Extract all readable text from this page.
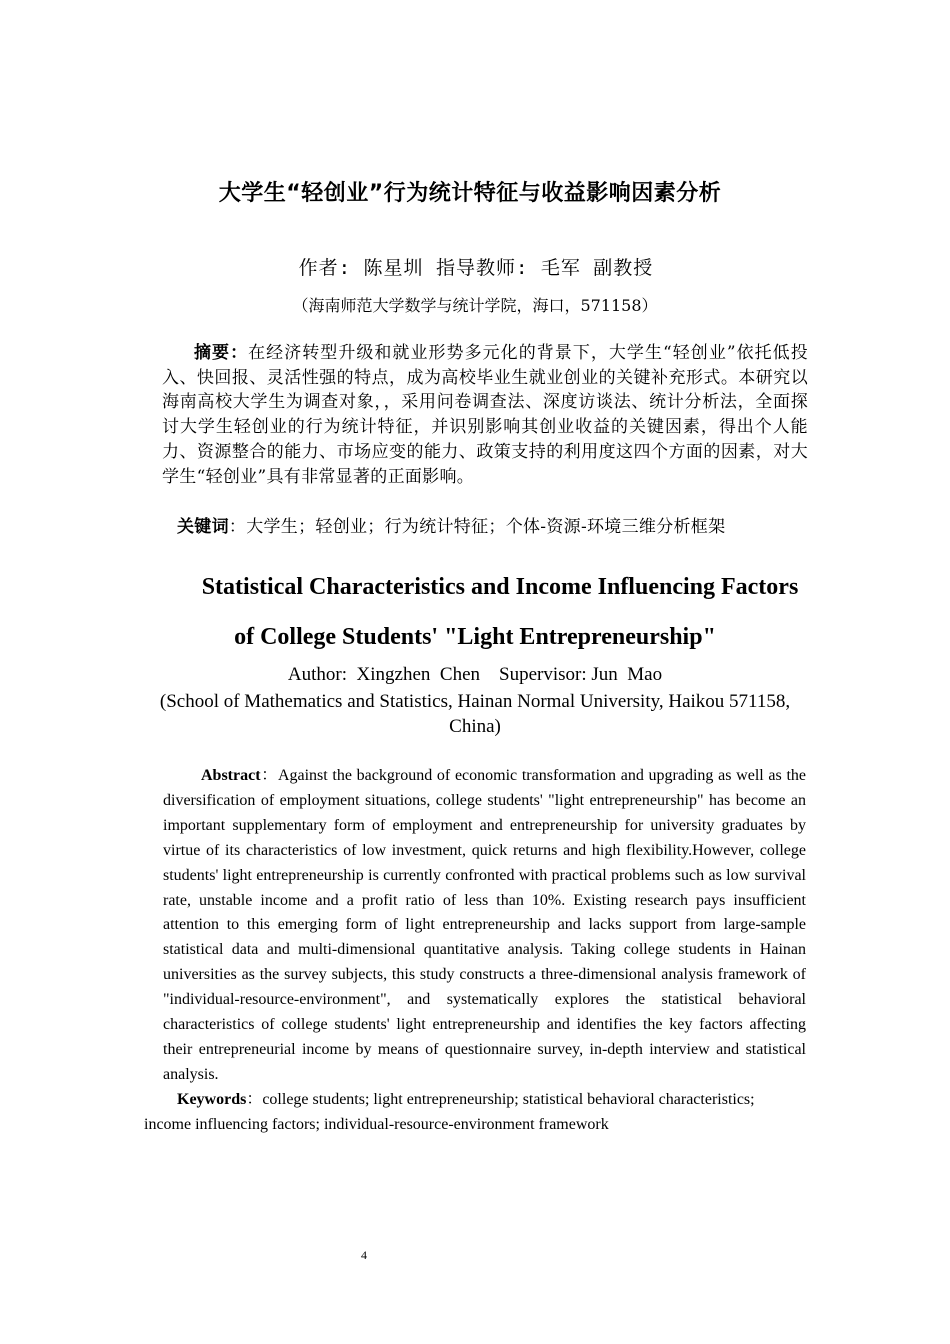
大学生“轻创业”行为统计特征与收益影响因素分析
作者: 陈星圳 指导教师: 毛军 副教授
（海南师范大学数学与统计学院，海口，571158）
摘要：在经济转型升级和就业形势多元化的背景下，大学生“轻创业”依托低投入、快回报、灵活性强的特点，成为高校毕业生就业创业的关键补充形式。本研究以海南高校大学生为调查对象，，采用问卷调查法、深度访谈法、统计分析法，全面探讨大学生轻创业的行为统计特征，并识别影响其创业收益的关键因素，得出个人能力、资源整合的能力、市场应变的能力、政策支持的利用度这四个方面的因素，对大学生“轻创业”具有非常显著的正面影响。
关键词：大学生；轻创业；行为统计特征；个体-资源-环境三维分析框架
Statistical Characteristics and Income Influencing Factors
of College Students' "Light Entrepreneurship"
Author:  Xingzhen  Chen    Supervisor: Jun  Mao
(School of Mathematics and Statistics, Hainan Normal University, Haikou 571158, China)
Abstract：Against the background of economic transformation and upgrading as well as the diversification of employment situations, college students' "light entrepreneurship" has become an important supplementary form of employment and entrepreneurship for university graduates by virtue of its characteristics of low investment, quick returns and high flexibility.However, college students' light entrepreneurship is currently confronted with practical problems such as low survival rate, unstable income and a profit ratio of less than 10%. Existing research pays insufficient attention to this emerging form of light entrepreneurship and lacks support from large-sample statistical data and multi-dimensional quantitative analysis. Taking college students in Hainan universities as the survey subjects, this study constructs a three-dimensional analysis framework of "individual-resource-environment", and systematically explores the statistical behavioral characteristics of college students' light entrepreneurship and identifies the key factors affecting their entrepreneurial income by means of questionnaire survey, in-depth interview and statistical analysis.
Keywords：college students; light entrepreneurship; statistical behavioral characteristics; income influencing factors; individual-resource-environment framework
4
